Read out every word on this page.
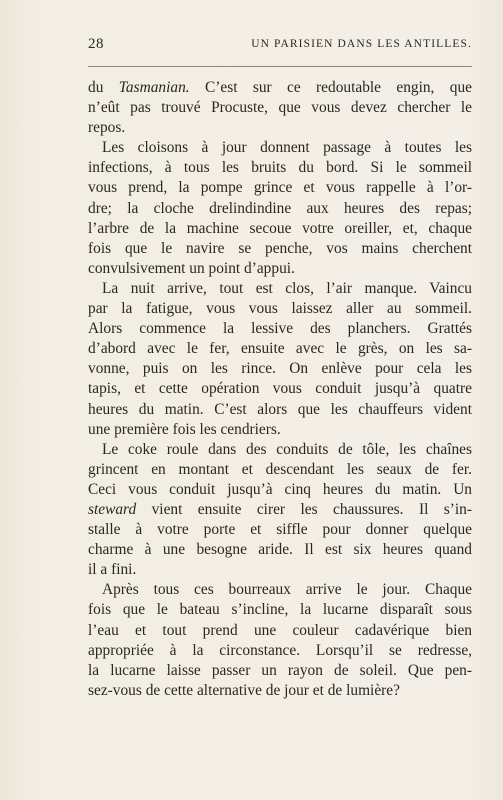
28	UN PARISIEN DANS LES ANTILLES.
du Tasmanian. C’est sur ce redoutable engin, que
n’eût pas trouvé Procuste, que vous devez chercher le
repos.
Les cloisons à jour donnent passage à toutes les
infections, à tous les bruits du bord. Si le sommeil
vous prend, la pompe grince et vous rappelle à l’or-
dre; la cloche drelindindine aux heures des repas;
l’arbre de la machine secoue votre oreiller, et, chaque
fois que le navire se penche, vos mains cherchent
convulsivement un point d’appui.
La nuit arrive, tout est clos, l’air manque. Vaincu
par la fatigue, vous vous laissez aller au sommeil.
Alors commence la lessive des planchers. Grattés
d’abord avec le fer, ensuite avec le grès, on les sa-
vonne, puis on les rince. On enlève pour cela les
tapis, et cette opération vous conduit jusqu’à quatre
heures du matin. C’est alors que les chauffeurs vident
une première fois les cendriers.
Le coke roule dans des conduits de tôle, les chaînes
grincent en montant et descendant les seaux de fer.
Ceci vous conduit jusqu’à cinq heures du matin. Un
steward vient ensuite cirer les chaussures. Il s’in-
stalle à votre porte et siffle pour donner quelque
charme à une besogne aride. Il est six heures quand
il a fini.
Après tous ces bourreaux arrive le jour. Chaque
fois que le bateau s’incline, la lucarne disparaît sous
l’eau et tout prend une couleur cadavérique bien
appropriée à la circonstance. Lorsqu’il se redresse,
la lucarne laisse passer un rayon de soleil. Que pen-
sez-vous de cette alternative de jour et de lumière?
